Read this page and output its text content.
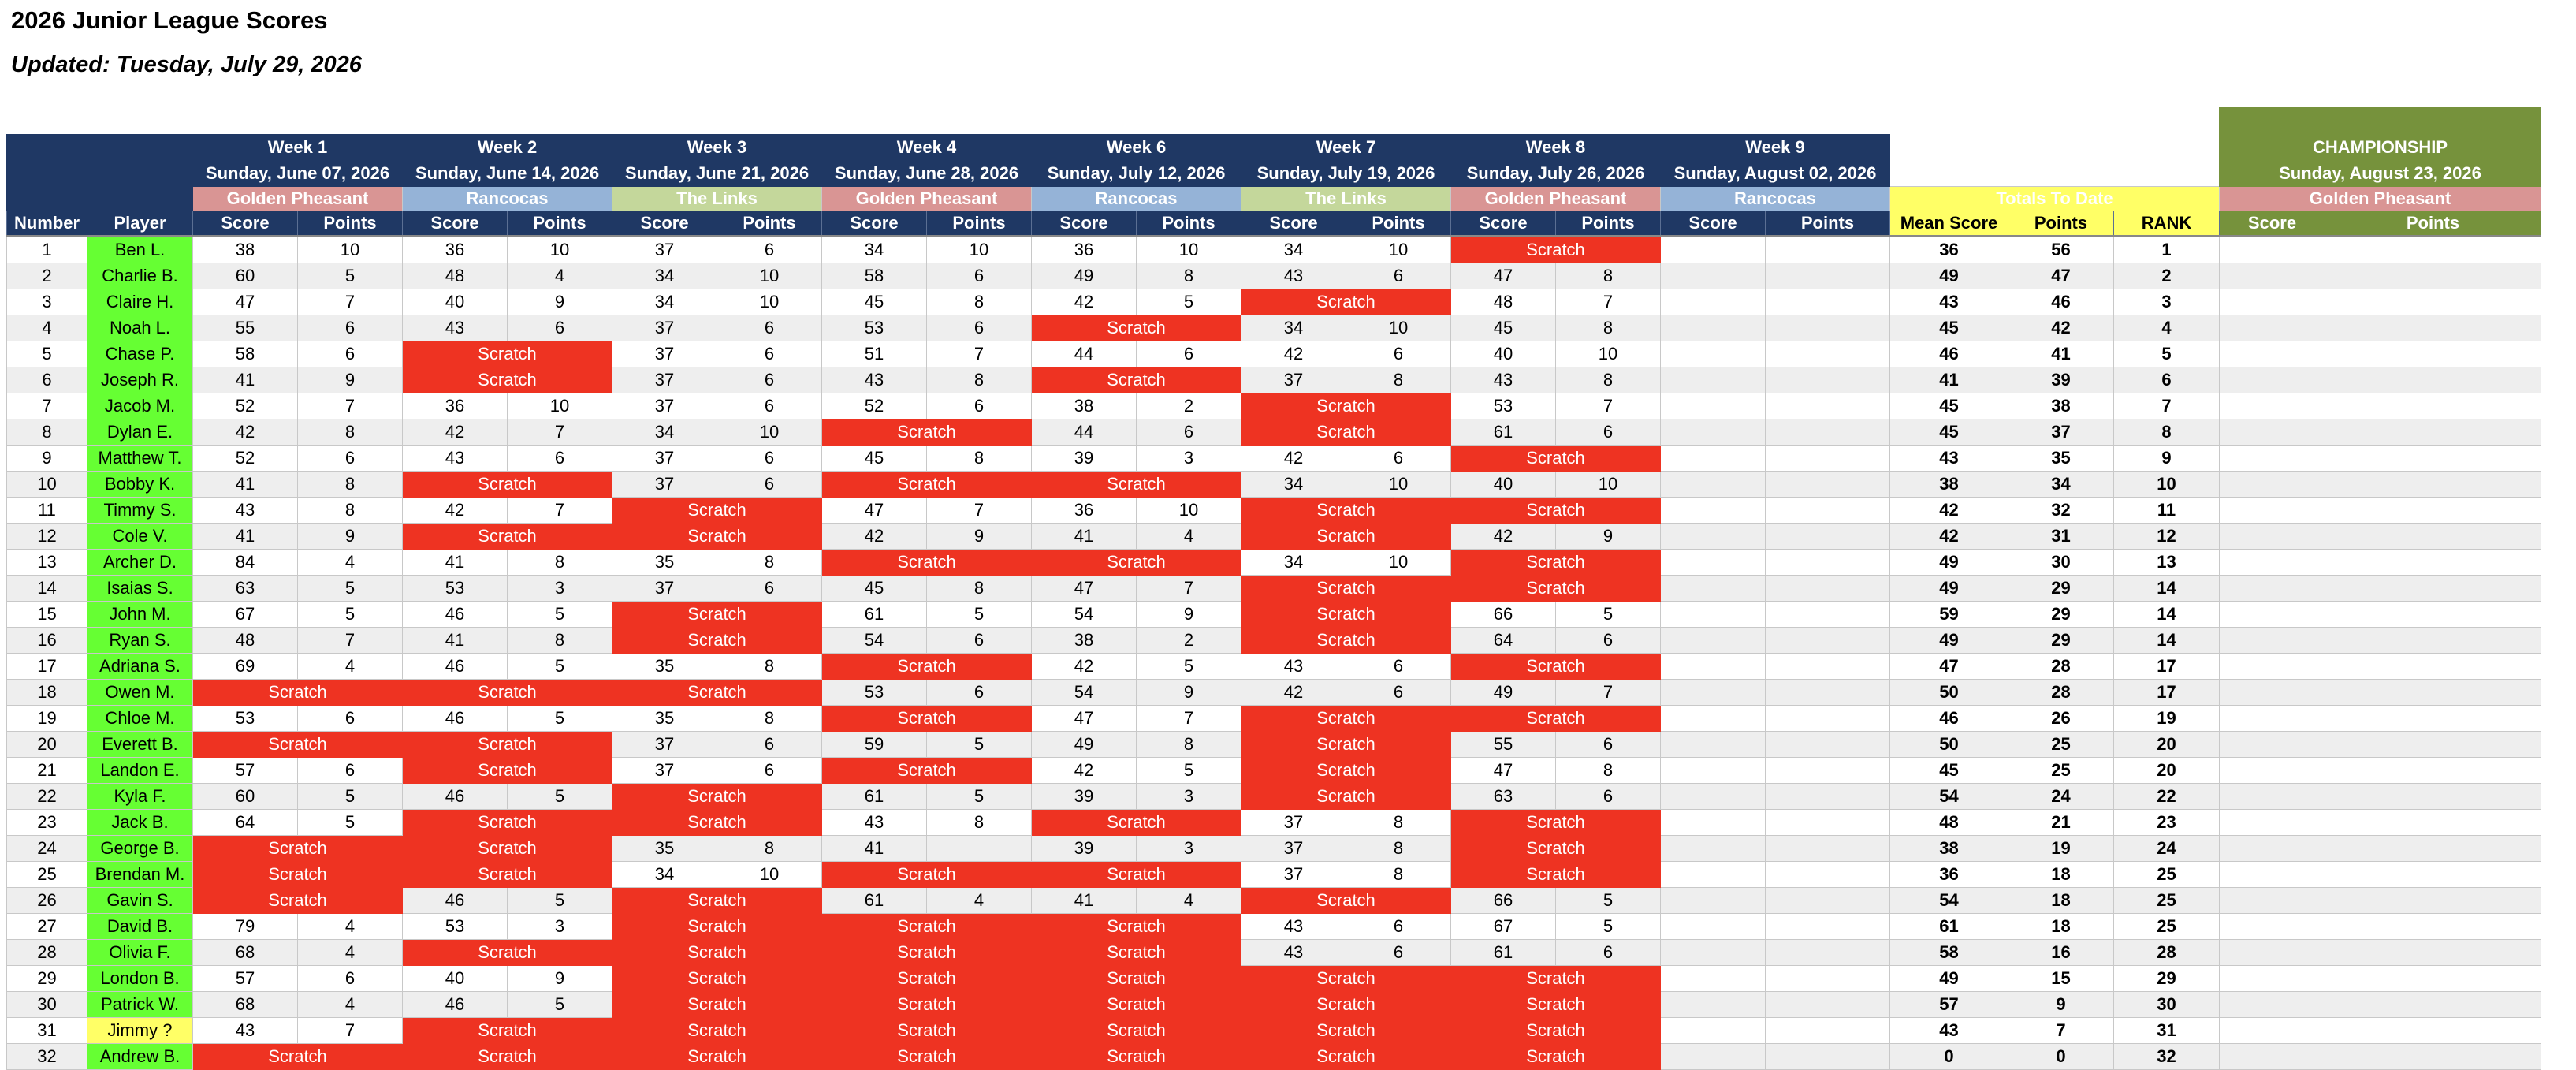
2026 Junior League Scores
Updated: Tuesday, July 29, 2026

		Week 1		Week 2		Week 3		Week 4		Week 6		Week 7		Week 8		Week 9					CHAMPIONSHIP	
		Sunday, June 07, 2026		Sunday, June 14, 2026		Sunday, June 21, 2026		Sunday, June 28, 2026		Sunday, July 12, 2026		Sunday, July 19, 2026		Sunday, July 26, 2026		Sunday, August 02, 2026					Sunday, August 23, 2026	
		Golden Pheasant		Rancocas		The Links		Golden Pheasant		Rancocas		The Links		Golden Pheasant		Rancocas		Totals To Date			Golden Pheasant	
Number	Player	Score	Points	Score	Points	Score	Points	Score	Points	Score	Points	Score	Points	Score	Points	Score	Points	Mean Score	Points	RANK	Score	Points
1	Ben L.	38	10	36	10	37	6	34	10	36	10	34	10	Scratch				36	56	1		
2	Charlie B.	60	5	48	4	34	10	58	6	49	8	43	6	47	8			49	47	2		
3	Claire H.	47	7	40	9	34	10	45	8	42	5	Scratch		48	7			43	46	3		
4	Noah L.	55	6	43	6	37	6	53	6	Scratch		34	10	45	8			45	42	4		
5	Chase P.	58	6	Scratch		37	6	51	7	44	6	42	6	40	10			46	41	5		
6	Joseph R.	41	9	Scratch		37	6	43	8	Scratch		37	8	43	8			41	39	6		
7	Jacob M.	52	7	36	10	37	6	52	6	38	2	Scratch		53	7			45	38	7		
8	Dylan E.	42	8	42	7	34	10	Scratch		44	6	Scratch		61	6			45	37	8		
9	Matthew T.	52	6	43	6	37	6	45	8	39	3	42	6	Scratch				43	35	9		
10	Bobby K.	41	8	Scratch		37	6	Scratch		Scratch		34	10	40	10			38	34	10		
11	Timmy S.	43	8	42	7	Scratch		47	7	36	10	Scratch		Scratch				42	32	11		
12	Cole V.	41	9	Scratch		Scratch		42	9	41	4	Scratch		42	9			42	31	12		
13	Archer D.	84	4	41	8	35	8	Scratch		Scratch		34	10	Scratch				49	30	13		
14	Isaias S.	63	5	53	3	37	6	45	8	47	7	Scratch		Scratch				49	29	14		
15	John M.	67	5	46	5	Scratch		61	5	54	9	Scratch		66	5			59	29	14		
16	Ryan S.	48	7	41	8	Scratch		54	6	38	2	Scratch		64	6			49	29	14		
17	Adriana S.	69	4	46	5	35	8	Scratch		42	5	43	6	Scratch				47	28	17		
18	Owen M.	Scratch		Scratch		Scratch		53	6	54	9	42	6	49	7			50	28	17		
19	Chloe M.	53	6	46	5	35	8	Scratch		47	7	Scratch		Scratch				46	26	19		
20	Everett B.	Scratch		Scratch		37	6	59	5	49	8	Scratch		55	6			50	25	20		
21	Landon E.	57	6	Scratch		37	6	Scratch		42	5	Scratch		47	8			45	25	20		
22	Kyla F.	60	5	46	5	Scratch		61	5	39	3	Scratch		63	6			54	24	22		
23	Jack B.	64	5	Scratch		Scratch		43	8	Scratch		37	8	Scratch				48	21	23		
24	George B.	Scratch		Scratch		35	8	41		39	3	37	8	Scratch				38	19	24		
25	Brendan M.	Scratch		Scratch		34	10	Scratch		Scratch		37	8	Scratch				36	18	25		
26	Gavin S.	Scratch		46	5	Scratch		61	4	41	4	Scratch		66	5			54	18	25		
27	David B.	79	4	53	3	Scratch		Scratch		Scratch		43	6	67	5			61	18	25		
28	Olivia F.	68	4	Scratch		Scratch		Scratch		Scratch		43	6	61	6			58	16	28		
29	London B.	57	6	40	9	Scratch		Scratch		Scratch		Scratch		Scratch				49	15	29		
30	Patrick W.	68	4	46	5	Scratch		Scratch		Scratch		Scratch		Scratch				57	9	30		
31	Jimmy ?	43	7	Scratch		Scratch		Scratch		Scratch		Scratch		Scratch				43	7	31		
32	Andrew B.	Scratch		Scratch		Scratch		Scratch		Scratch		Scratch		Scratch				0	0	32		
